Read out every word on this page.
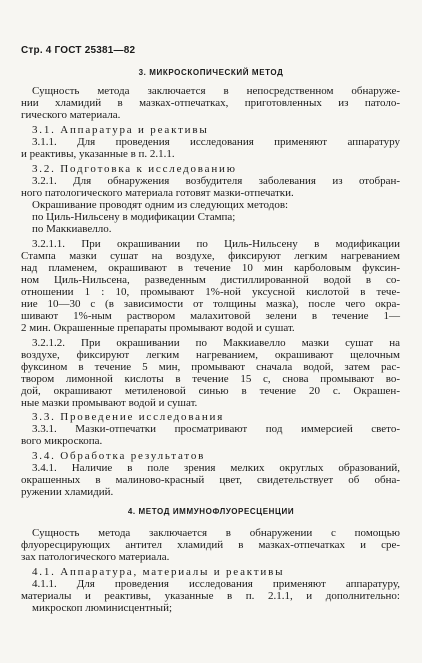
Стр. 4 ГОСТ 25381—82
3. МИКРОСКОПИЧЕСКИЙ МЕТОД
Сущность метода заключается в непосредственном обнаруже-
нии хламидий в мазках-отпечатках, приготовленных из патоло-
гического материала.
3.1. Аппаратура и реактивы
3.1.1. Для проведения исследования применяют аппаратуру
и реактивы, указанные в п. 2.1.1.
3.2. Подготовка к исследованию
3.2.1. Для обнаружения возбудителя заболевания из отобран-
ного патологического материала готовят мазки-отпечатки.
Окрашивание проводят одним из следующих методов:
по Циль-Нильсену в модификации Стампа;
по Маккиавелло.
3.2.1.1. При окрашивании по Циль-Нильсену в модификации
Стампа мазки сушат на воздухе, фиксируют легким нагреванием
над пламенем, окрашивают в течение 10 мин карболовым фуксин-
ном Циль-Нильсена, разведенным дистиллированной водой в со-
отношении 1 : 10, промывают 1%-ной уксусной кислотой в тече-
ние 10—30 с (в зависимости от толщины мазка), после чего окра-
шивают 1%-ным раствором малахитовой зелени в течение 1—
2 мин. Окрашенные препараты промывают водой и сушат.
3.2.1.2. При окрашивании по Маккиавелло мазки сушат на
воздухе, фиксируют легким нагреванием, окрашивают щелочным
фуксином в течение 5 мин, промывают сначала водой, затем рас-
твором лимонной кислоты в течение 15 с, снова промывают во-
дой, окрашивают метиленовой синью в течение 20 с. Окрашен-
ные мазки промывают водой и сушат.
3.3. Проведение исследования
3.3.1. Мазки-отпечатки просматривают под иммерсией свето-
вого микроскопа.
3.4. Обработка результатов
3.4.1. Наличие в поле зрения мелких округлых образований,
окрашенных в малиново-красный цвет, свидетельствует об обна-
ружении хламидий.
4. МЕТОД ИММУНОФЛУОРЕСЦЕНЦИИ
Сущность метода заключается в обнаружении с помощью
флуоресцирующих антител хламидий в мазках-отпечатках и сре-
зах патологического материала.
4.1. Аппаратура, материалы и реактивы
4.1.1. Для проведения исследования применяют аппаратуру,
материалы и реактивы, указанные в п. 2.1.1, и дополнительно:
микроскоп люминисцентный;
